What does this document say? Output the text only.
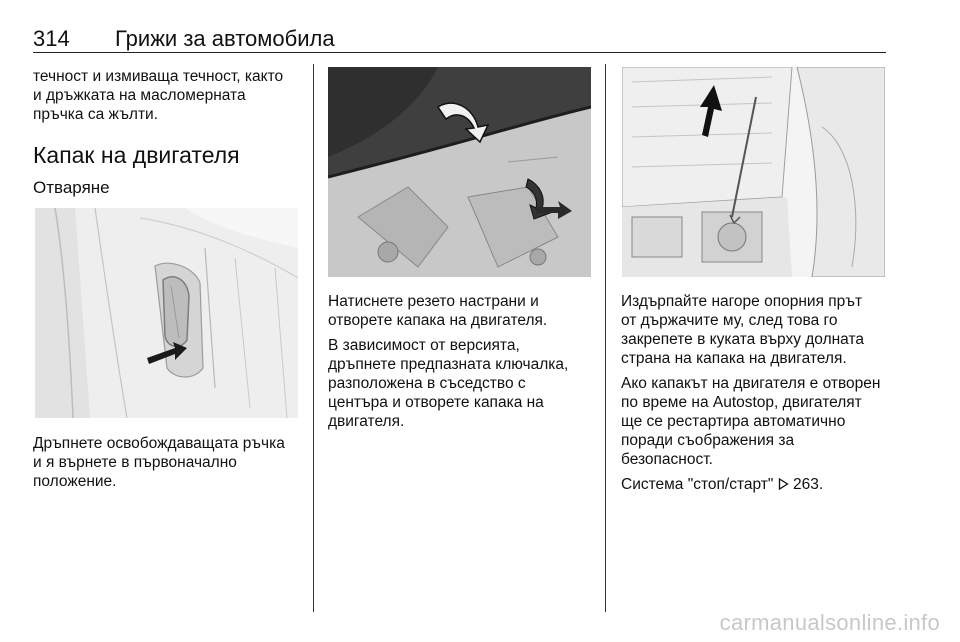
314 Грижи за автомобила
течност и измиваща течност, както
и дръжката на масломерната
пръчка са жълти.
Капак на двигателя
Отваряне
Дръпнете освобождаващата ръчка
и я върнете в първоначално
положение.

Натиснете резето настрани и
отворете капака на двигателя.

В зависимост от версията,
дръпнете предпазната ключалка,
разположена в съседство с
центъра и отворете капака на
двигателя.

Издърпайте нагоре опорния прът
от държачите му, след това го
закрепете в куката върху долната
страна на капака на двигателя.

Ако капакът на двигателя е отворен
по време на Autostop, двигателят
ще се рестартира автоматично
поради съображения за
безопасност.

Система "стоп/старт"  263.

carmanualsonline.info
